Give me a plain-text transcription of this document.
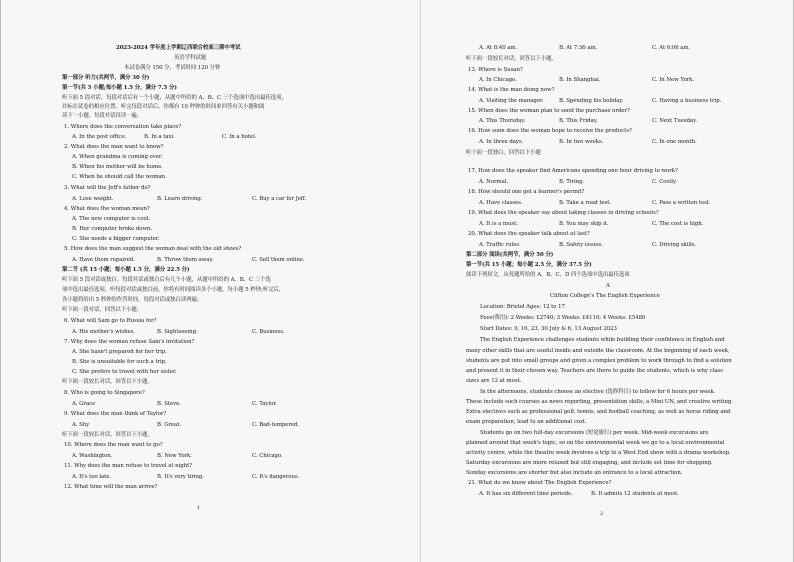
2023-2024 学年度上学期辽西联合校高三期中考试
英语学科试题
本试卷满分 150 分，考试时间 120 分钟
第一部分 听力(共两节，满分 30 分)
第一节(共 5 小题;每小题 1.5 分，满分 7.5 分)
听下面 5 段对话。每段对话后有一个小题，从题中所给的 A、B、C 三个选项中选出最佳选项，
并标在试卷的相应位置。听完每段对话后，你都有 10 秒钟的时间来回答有关小题和阅
读下一小题。每段对话仅读一遍。
1. Where does the conversation take place?
A. In the post office.	B. In a taxi.	C. In a hotel.
2. What does the man want to know?
A. When grandma is coming over.
B. When his mother will be home.
C. When he should call the woman.
3. What will the Jeff's father do?
A. Lose weight.	B. Learn driving.	C. Buy a car for Jeff.
4. What does the woman mean?
A. The new computer is cool.
B. Her computer broke down.
C. She needs a bigger computer.
5. How does the man suggest the woman deal with the old shoes?
A. Have them repaired.	B. Throw them away.	C. Sell them online.
第二节 (共 15 小题；每小题 1.5 分，满分 22.5 分)
听下面 5 段对话或独白。每段对话或独白后有几个小题，从题中所给的 A、B、C 三个选
项中选出最佳选项。听每段对话或独白前，你将有时间阅读各个小题，每小题 5 秒钟;听完后，
各小题将给出 5 秒钟的作答时间。每段对话或独白读两遍。
听下面一段对话，回答以下小题。
6. What will Sam go to Russia for?
A. His mother's wishes.	B. Sightseeing.	C. Business.
7. Why does the woman refuse Sam's invitation?
A. She hasn't prepared for her trip.
B. She is unsuitable for such a trip.
C. She prefers to travel with her sister.
听下面一段较长对话，回答以下小题。
8. Who is going to Singapore?
A. Grace	B. Steve.	C. Taylor.
9. What does the man think of Taylor?
A. Shy	B. Great.	C. Bad-tempered.
听下面一段较长对话，回答以下小题。
10. Where does the man want to go?
A. Washington.	B. New York.	C. Chicago.
11. Why does the man refuse to travel at night?
A. It's too late.	B. It's very tiring.	C. It's dangerous.
12. What time will the man arrive?
A. At 8:40 am.	B. At 7:36 am.	C. At 6:06 am.
听下面一段较长对话，回答以下小题。
13. Where is Susan?
A. In Chicago.	B. In Shanghai.	C. In New York.
14. What is the man doing now?
A. Visiting the manager.	B. Spending his holiday.	C. Having a business trip.
15. When does the woman plan to send the purchase order?
A. This Thursday.	B. This Friday.	C. Next Tuesday.
16. How soon does the woman hope to receive the products?
A. In three days.	B. In two weeks.	C. In one month.
听下面一段独白，回答以下小题
17. How does the speaker find Americans spending one hour driving to work?
A. Normal.	B. Tiring.	C. Costly.
18. How should one get a learner's permit?
A. Have classes.	B. Take a road test.	C. Pass a written test.
19. What does the speaker say about taking classes in driving schools?
A. It is a must.	B. You may skip it.	C. The cost is high.
20. What does the speaker talk about at last?
A. Traffic rules.	B. Safety issues.	C. Driving skills.
第二部分 阅读(共两节，满分 50 分)
第一节(共 15 小题；每小题 2.5 分，满分 37.5 分)
阅读下列短文，从每题所给的 A、B、C、D 四个选项中选出最佳选项
A
Clifton College's The English Experience
Location: Bristol Ages: 12 to 17
Fees(费用): 2 Weeks: £2740; 3 Weeks: £4110; 4 Weeks: £5480
Start Dates: 9, 16, 23, 30 July & 6, 13 August 2023
The English Experience challenges students while building their confidence in English and
many other skills that are useful inside and outside the classroom. At the beginning of each week,
students are put into small groups and given a complex problem to work through to find a solution
and present it in their chosen way. Teachers are there to guide the students, which is why class
sizes are 12 at most.
In the afternoons, students choose an elective (选修科目) to follow for 6 hours per week.
These include such courses as news reporting, presentation skills, a Mini UN, and creative writing.
Extra electives such as professional golf, tennis, and football coaching, as well as horse riding and
exam preparation, lead to an additional cost.
Students go on two full-day excursions (短途旅行) per week. Mid-week excursions are
planned around that week's topic, so on the environmental week we go to a local environmental
activity centre, while the theatre week involves a trip to a West End show with a drama workshop.
Saturday excursions are more relaxed but still engaging, and include set time for shopping.
Sunday excursions are shorter but also include an entrance to a local attraction.
21. What do we know about The English Experience?
A. It has six different time periods.	B. It admits 12 students at most.
1
2
